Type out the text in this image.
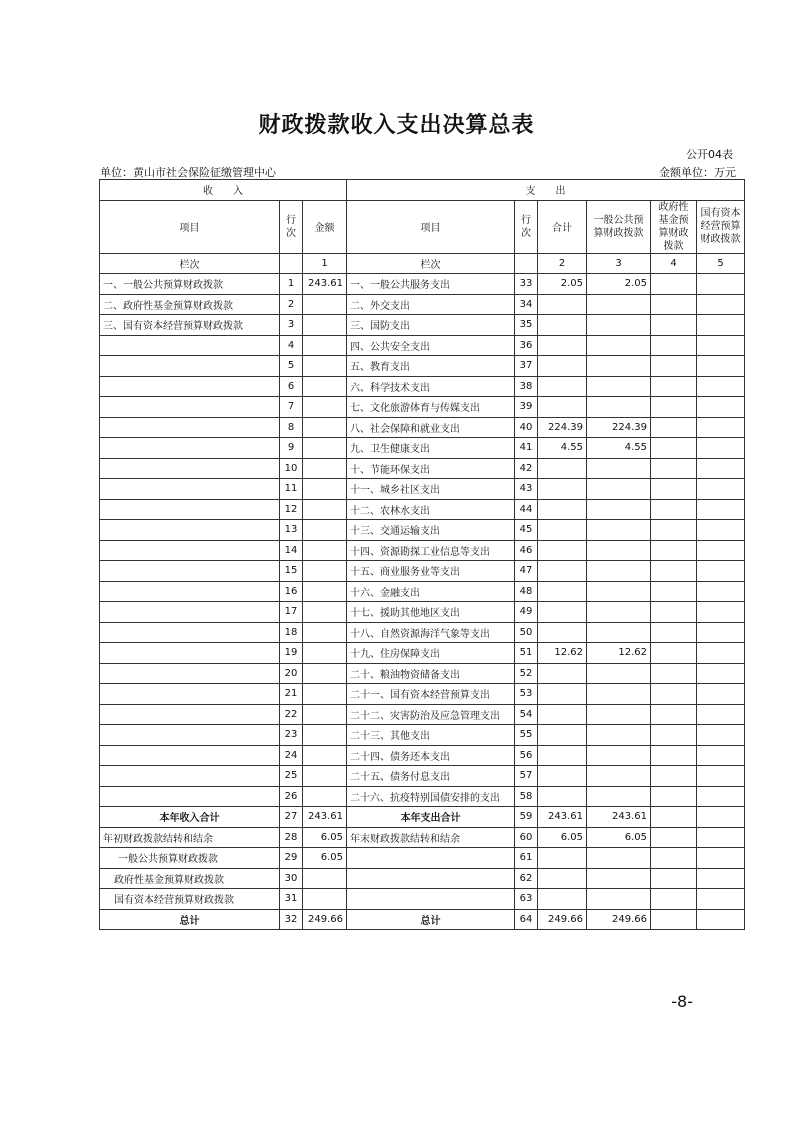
财政拨款收入支出决算总表
公开04表
单位：黄山市社会保险征缴管理中心	金额单位：万元
收　　入			支　　出					
项目	行次	金额	项目	行次	合计	一般公共预算财政拨款	政府性基金预算财政拨款	国有资本经营预算财政拨款
栏次		1	栏次		2	3	4	5
一、一般公共预算财政拨款	1	243.61	一、一般公共服务支出	33	2.05	2.05		
二、政府性基金预算财政拨款	2		二、外交支出	34				
三、国有资本经营预算财政拨款	3		三、国防支出	35				
	4		四、公共安全支出	36				
	5		五、教育支出	37				
	6		六、科学技术支出	38				
	7		七、文化旅游体育与传媒支出	39				
	8		八、社会保障和就业支出	40	224.39	224.39		
	9		九、卫生健康支出	41	4.55	4.55		
	10		十、节能环保支出	42				
	11		十一、城乡社区支出	43				
	12		十二、农林水支出	44				
	13		十三、交通运输支出	45				
	14		十四、资源勘探工业信息等支出	46				
	15		十五、商业服务业等支出	47				
	16		十六、金融支出	48				
	17		十七、援助其他地区支出	49				
	18		十八、自然资源海洋气象等支出	50				
	19		十九、住房保障支出	51	12.62	12.62		
	20		二十、粮油物资储备支出	52				
	21		二十一、国有资本经营预算支出	53				
	22		二十二、灾害防治及应急管理支出	54				
	23		二十三、其他支出	55				
	24		二十四、债务还本支出	56				
	25		二十五、债务付息支出	57				
	26		二十六、抗疫特别国债安排的支出	58				
本年收入合计	27	243.61	本年支出合计	59	243.61	243.61		
年初财政拨款结转和结余	28	6.05	年末财政拨款结转和结余	60	6.05	6.05		
一般公共预算财政拨款	29	6.05		61				
政府性基金预算财政拨款	30			62				
国有资本经营预算财政拨款	31			63				
总计	32	249.66	总计	64	249.66	249.66		
-8-
